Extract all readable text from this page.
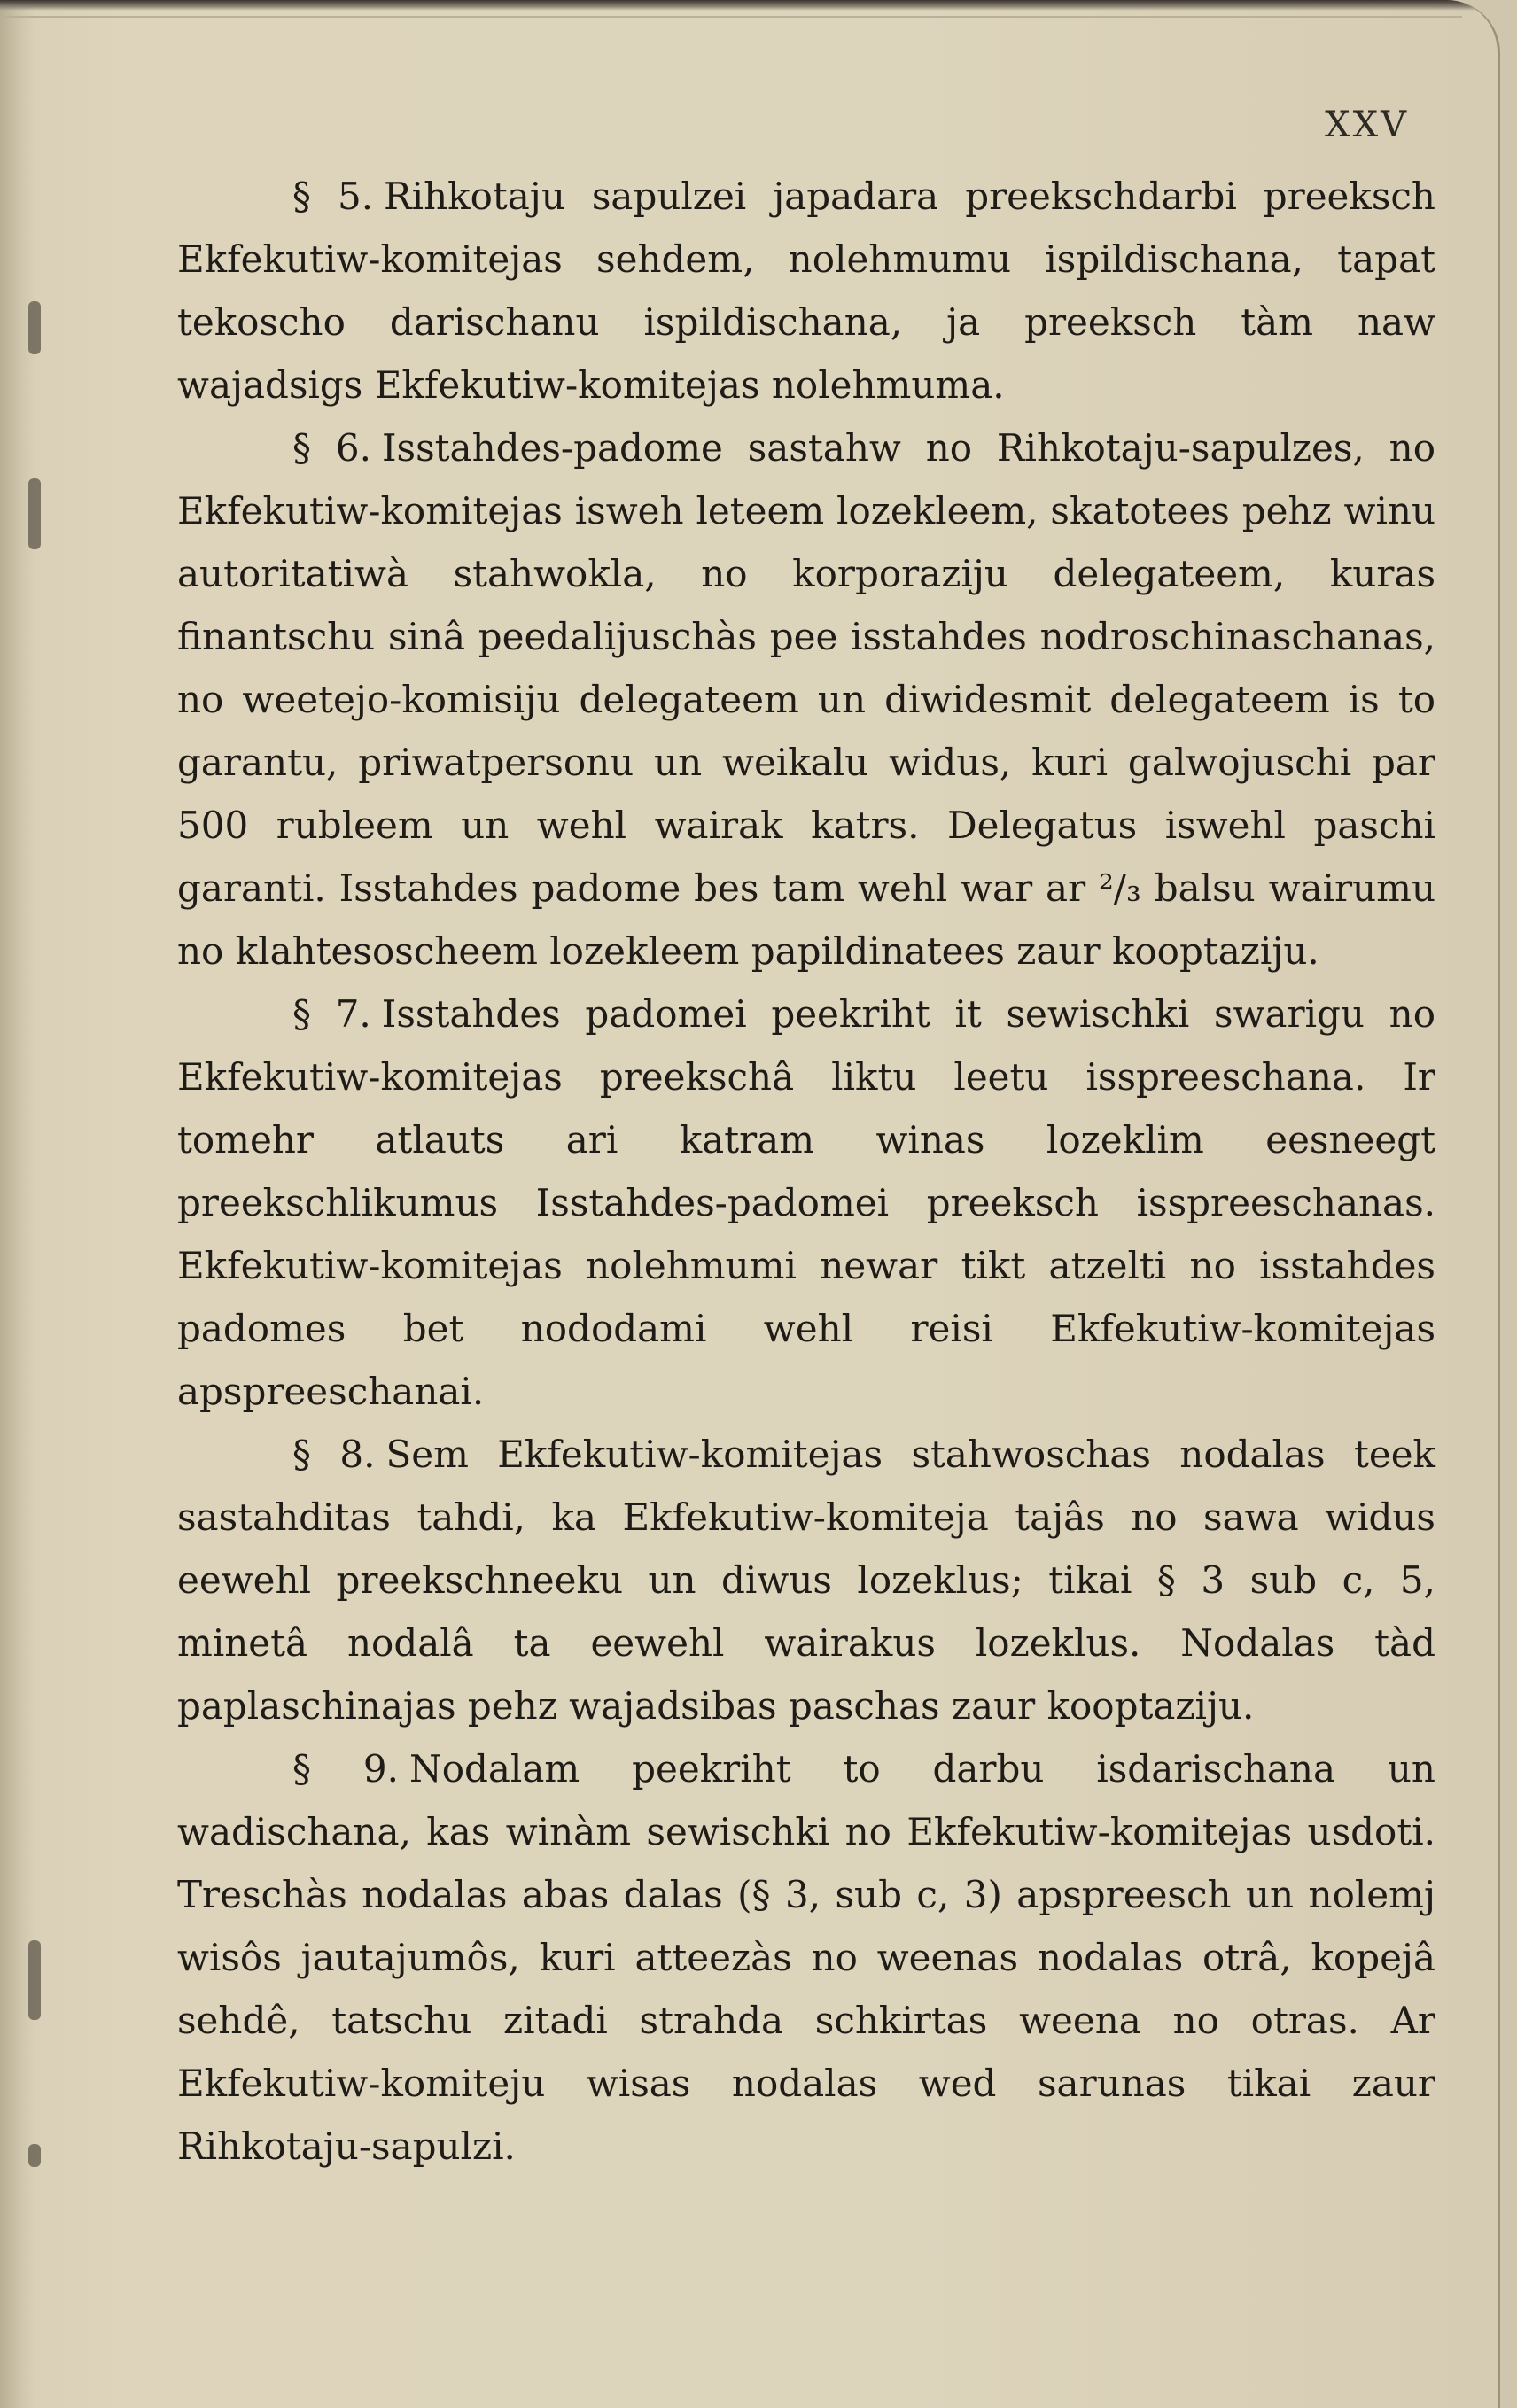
XXV

§ 5. Rihkotaju sapulzei japadara preekschdarbi preeksch Ekfekutiw-komitejas sehdem, nolehmumu ispildischana, tapat tekoscho darischanu ispildischana, ja preeksch tàm naw wajadsigs Ekfekutiw-komitejas nolehmuma.

§ 6. Isstahdes-padome sastahw no Rihkotaju-sapulzes, no Ekfekutiw-komitejas isweh leteem lozekleem, skatotees pehz winu autoritatiwà stahwokla, no korporaziju delegateem, kuras finantschu sinâ peedalijuschàs pee isstahdes nodroschinaschanas, no weetejo-komisiju delegateem un diwidesmit delegateem is to garantu, priwatpersonu un weikalu widus, kuri galwojuschi par 500 rubleem un wehl wairak katrs. Delegatus iswehl paschi garanti. Isstahdes padome bes tam wehl war ar ²/₃ balsu wairumu no klahtesoscheem lozekleem papildinatees zaur kooptaziju.

§ 7. Isstahdes padomei peekriht it sewischki swarigu no Ekfekutiw-komitejas preekschâ liktu leetu isspreeschana. Ir tomehr atlauts ari katram winas lozeklim eesneegt preekschlikumus Isstahdes-padomei preeksch isspreeschanas. Ekfekutiw-komitejas nolehmumi newar tikt atzelti no isstahdes padomes bet nododami wehl reisi Ekfekutiw-komitejas apspreeschanai.

§ 8. Sem Ekfekutiw-komitejas stahwoschas nodalas teek sastahditas tahdi, ka Ekfekutiw-komiteja tajâs no sawa widus eewehl preekschneeku un diwus lozeklus; tikai § 3 sub c, 5, minetâ nodalâ ta eewehl wairakus lozeklus. Nodalas tàd paplaschinajas pehz wajadsibas paschas zaur kooptaziju.

§ 9. Nodalam peekriht to darbu isdarischana un wadischana, kas winàm sewischki no Ekfekutiw-komitejas usdoti. Treschàs nodalas abas dalas (§ 3, sub c, 3) apspreesch un nolemj wisôs jautajumôs, kuri atteezàs no weenas nodalas otrâ, kopejâ sehdê, tatschu zitadi strahda schkirtas weena no otras. Ar Ekfekutiw-komiteju wisas nodalas wed sarunas tikai zaur Rihkotaju-sapulzi.
